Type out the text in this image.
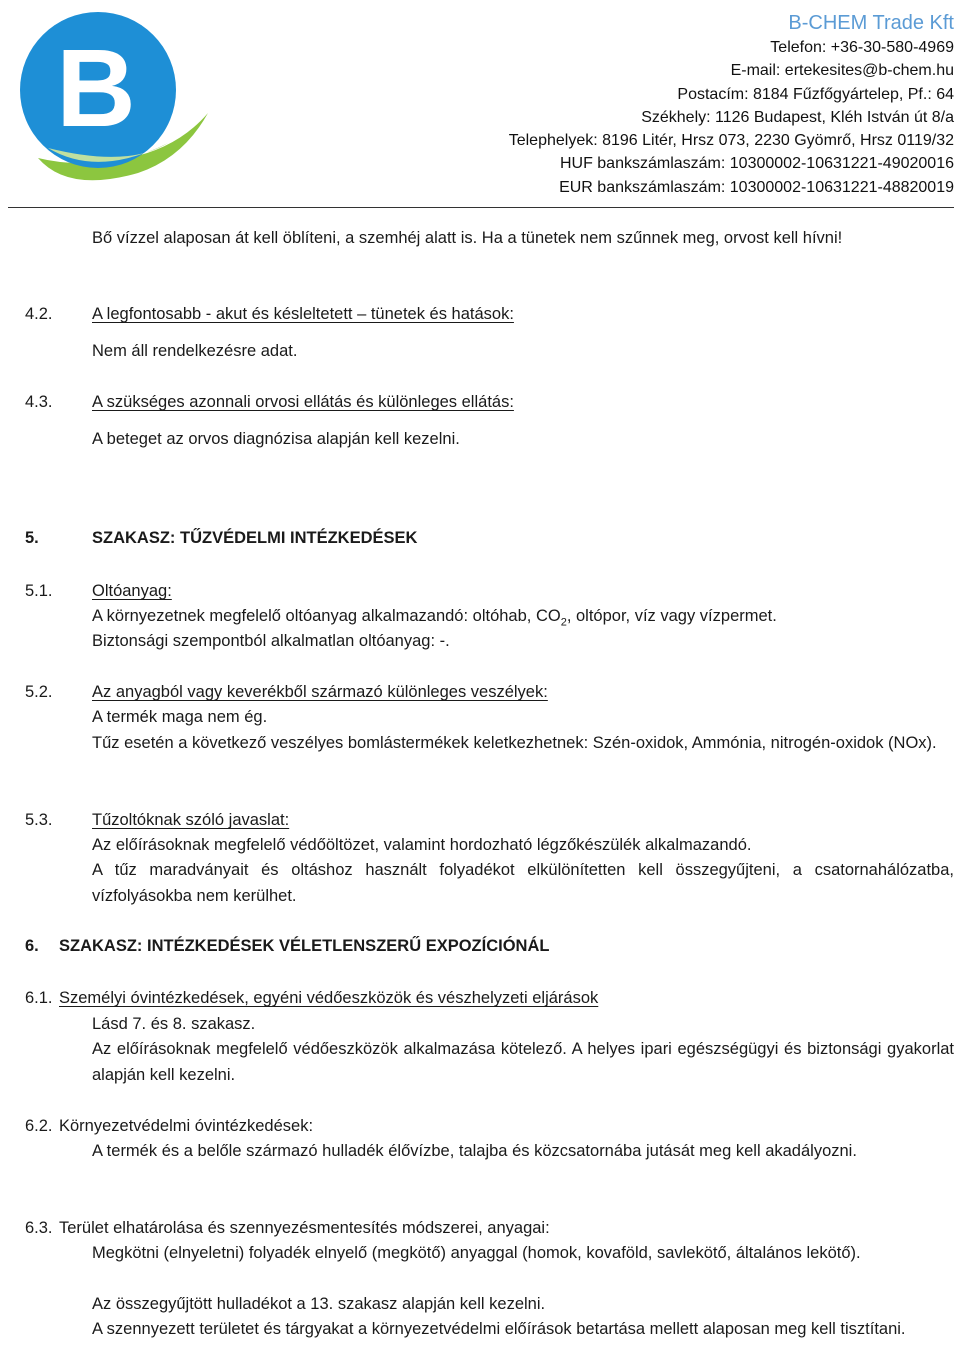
B
B-CHEM Trade Kft
Telefon: +36-30-580-4969
E-mail: ertekesites@b-chem.hu
Postacím: 8184 Fűzfőgyártelep, Pf.: 64
Székhely: 1126 Budapest, Kléh István út 8/a
Telephelyek: 8196 Litér, Hrsz 073, 2230 Gyömrő, Hrsz 0119/32
HUF bankszámlaszám: 10300002-10631221-49020016
EUR bankszámlaszám: 10300002-10631221-48820019
Bő vízzel alaposan át kell öblíteni, a szemhéj alatt is. Ha a tünetek nem szűnnek meg, orvost kell hívni!
4.2. A legfontosabb - akut és késleltetett – tünetek és hatások:
Nem áll rendelkezésre adat.
4.3. A szükséges azonnali orvosi ellátás és különleges ellátás:
A beteget az orvos diagnózisa alapján kell kezelni.
5.	SZAKASZ: TŰZVÉDELMI INTÉZKEDÉSEK
5.1. Oltóanyag:
A környezetnek megfelelő oltóanyag alkalmazandó: oltóhab, $CO_2$, oltópor, víz vagy vízpermet.
Biztonsági szempontból alkalmatlan oltóanyag: -.
5.2. Az anyagból vagy keverékből származó különleges veszélyek:
A termék maga nem ég.
Tűz esetén a következő veszélyes bomlástermékek keletkezhetnek: Szén-oxidok, Ammónia, nitrogén-oxidok (NOx).
5.3. Tűzoltóknak szóló javaslat:
Az előírásoknak megfelelő védőöltözet, valamint hordozható légzőkészülék alkalmazandó.
A tűz maradványait és oltáshoz használt folyadékot elkülönítetten kell összegyűjteni, a csatornahálózatba, vízfolyásokba nem kerülhet.
6. SZAKASZ: INTÉZKEDÉSEK VÉLETLENSZERŰ EXPOZÍCIÓNÁL
6.1. Személyi óvintézkedések, egyéni védőeszközök és vészhelyzeti eljárások
Lásd 7. és 8. szakasz.
Az előírásoknak megfelelő védőeszközök alkalmazása kötelező. A helyes ipari egészségügyi és biztonsági gyakorlat alapján kell kezelni.
6.2. Környezetvédelmi óvintézkedések:
A termék és a belőle származó hulladék élővízbe, talajba és közcsatornába jutását meg kell akadályozni.
6.3. Terület elhatárolása és szennyezésmentesítés módszerei, anyagai:
Megkötni (elnyeletni) folyadék elnyelő (megkötő) anyaggal (homok, kovaföld, savlekötő, általános lekötő).
Az összegyűjtött hulladékot a 13. szakasz alapján kell kezelni.
A szennyezett területet és tárgyakat a környezetvédelmi előírások betartása mellett alaposan meg kell tisztítani.
